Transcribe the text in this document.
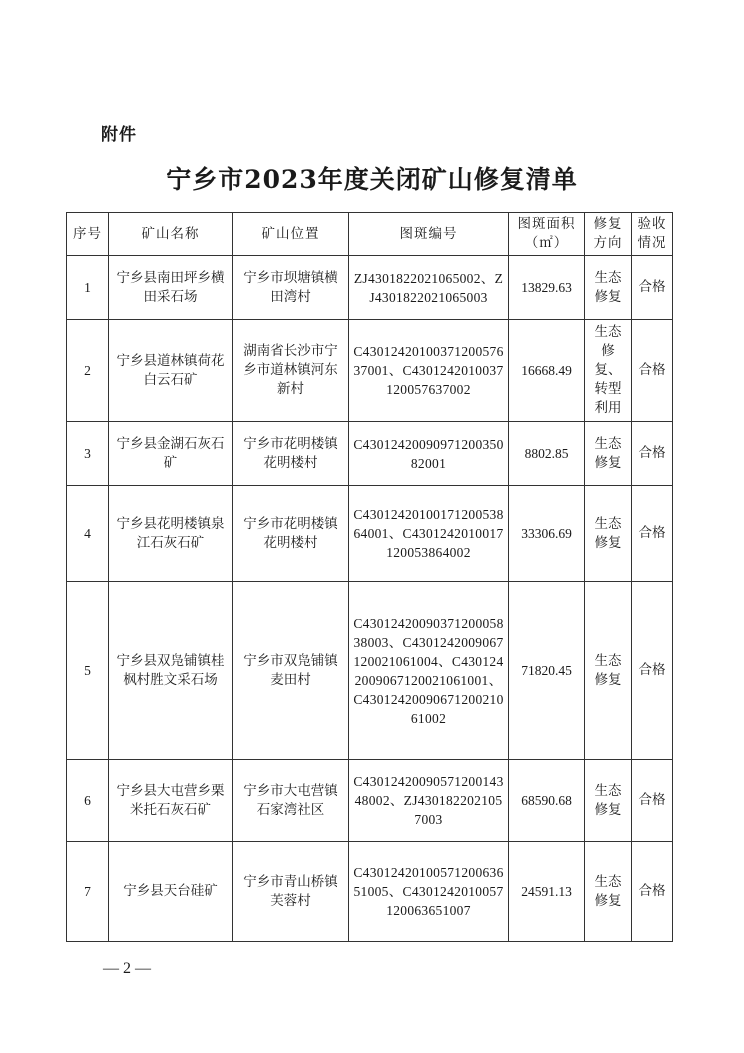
附件
宁乡市2023年度关闭矿山修复清单
序号	矿山名称	矿山位置	图斑编号	图斑面积（㎡）	修复方向	验收情况
1	宁乡县南田坪乡横田采石场	宁乡市坝塘镇横田湾村	ZJ4301822021065002、ZJ4301822021065003	13829.63	生态修复	合格
2	宁乡县道林镇荷花白云石矿	湖南省长沙市宁乡市道林镇河东新村	C4301242010037120057637001、C4301242010037120057637002	16668.49	生态修复、转型利用	合格
3	宁乡县金湖石灰石矿	宁乡市花明楼镇花明楼村	C4301242009097120035082001	8802.85	生态修复	合格
4	宁乡县花明楼镇泉江石灰石矿	宁乡市花明楼镇花明楼村	C4301242010017120053864001、C4301242010017120053864002	33306.69	生态修复	合格
5	宁乡县双凫铺镇桂枫村胜文采石场	宁乡市双凫铺镇麦田村	C4301242009037120005838003、C4301242009067120021061004、C4301242009067120021061001、C4301242009067120021061002	71820.45	生态修复	合格
6	宁乡县大屯营乡栗米托石灰石矿	宁乡市大屯营镇石家湾社区	C4301242009057120014348002、ZJ4301822021057003	68590.68	生态修复	合格
7	宁乡县天台硅矿	宁乡市青山桥镇芙蓉村	C4301242010057120063651005、C4301242010057120063651007	24591.13	生态修复	合格
— 2 —
